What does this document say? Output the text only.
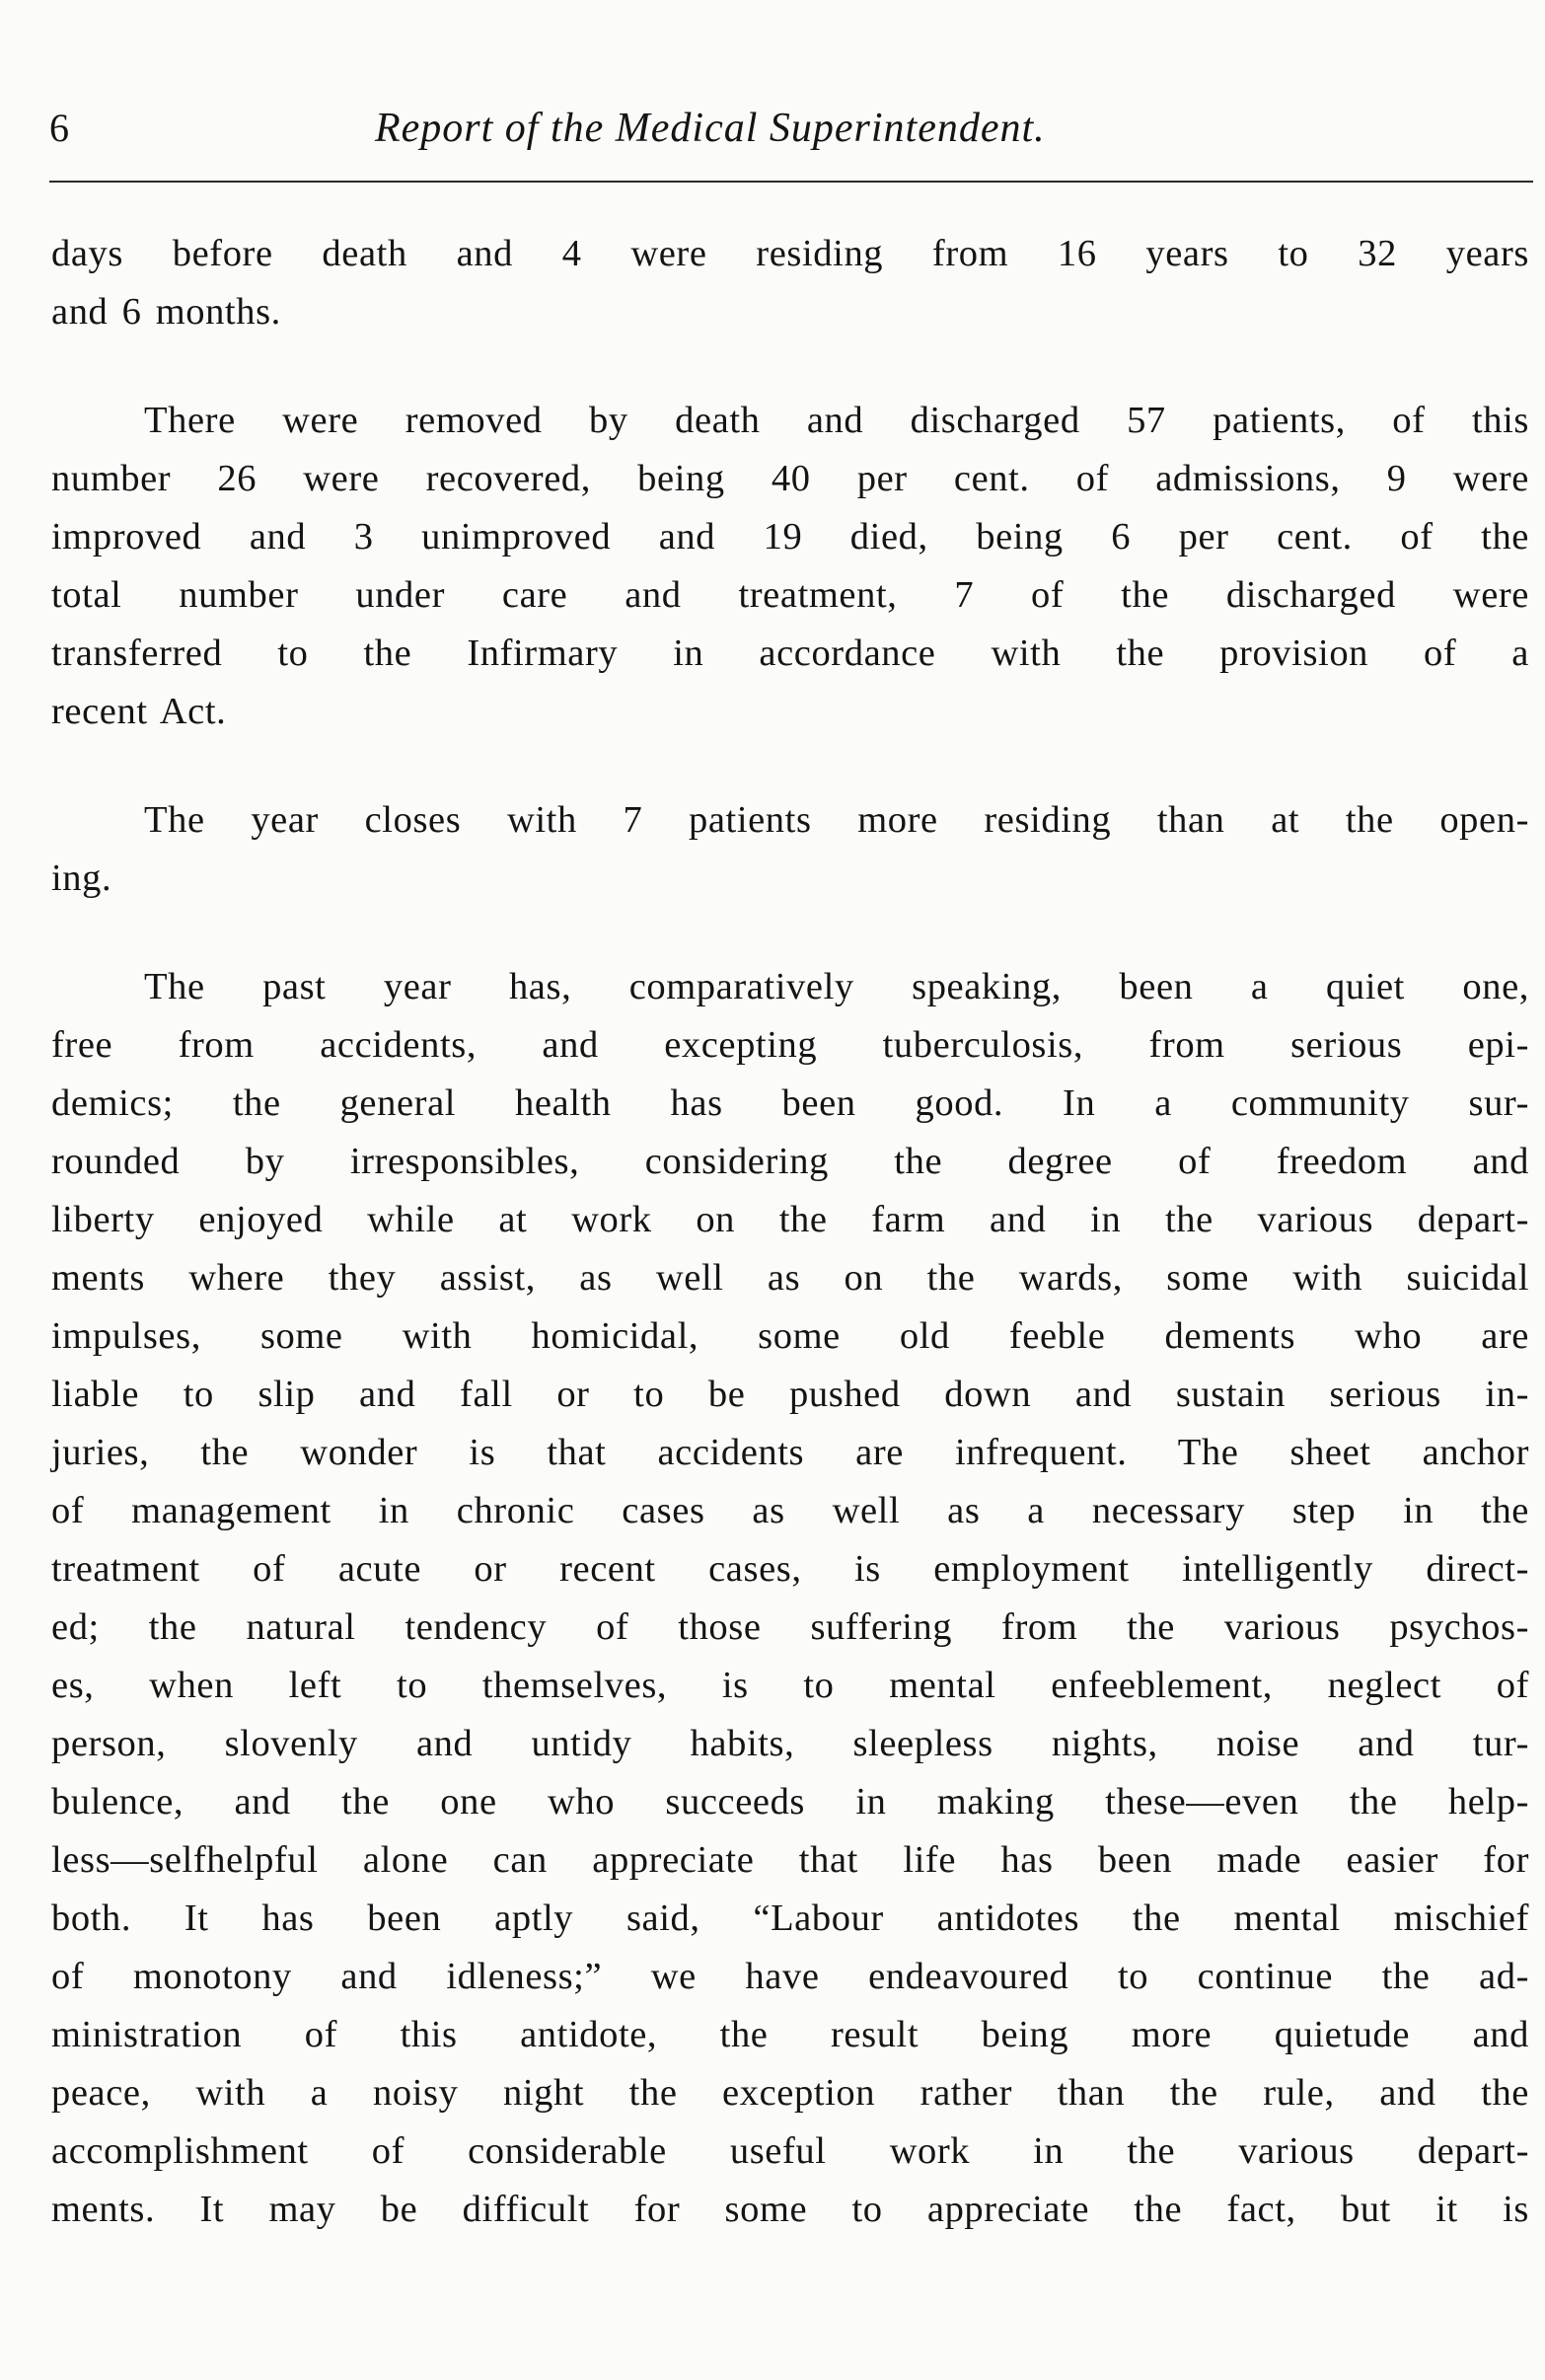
6	Report of the Medical Superintendent.
days before death and 4 were residing from 16 years to 32 years
and 6 months.
There were removed by death and discharged 57 patients, of this
number 26 were recovered, being 40 per cent. of admissions, 9 were
improved and 3 unimproved and 19 died, being 6 per cent. of the
total number under care and treatment, 7 of the discharged were
transferred to the Infirmary in accordance with the provision of a
recent Act.
The year closes with 7 patients more residing than at the open-
ing.
The past year has, comparatively speaking, been a quiet one,
free from accidents, and excepting tuberculosis, from serious epi-
demics; the general health has been good. In a community sur-
rounded by irresponsibles, considering the degree of freedom and
liberty enjoyed while at work on the farm and in the various depart-
ments where they assist, as well as on the wards, some with suicidal
impulses, some with homicidal, some old feeble dements who are
liable to slip and fall or to be pushed down and sustain serious in-
juries, the wonder is that accidents are infrequent. The sheet anchor
of management in chronic cases as well as a necessary step in the
treatment of acute or recent cases, is employment intelligently direct-
ed; the natural tendency of those suffering from the various psychos-
es, when left to themselves, is to mental enfeeblement, neglect of
person, slovenly and untidy habits, sleepless nights, noise and tur-
bulence, and the one who succeeds in making these—even the help-
less—selfhelpful alone can appreciate that life has been made easier for
both. It has been aptly said, “Labour antidotes the mental mischief
of monotony and idleness;” we have endeavoured to continue the ad-
ministration of this antidote, the result being more quietude and
peace, with a noisy night the exception rather than the rule, and the
accomplishment of considerable useful work in the various depart-
ments. It may be difficult for some to appreciate the fact, but it is
